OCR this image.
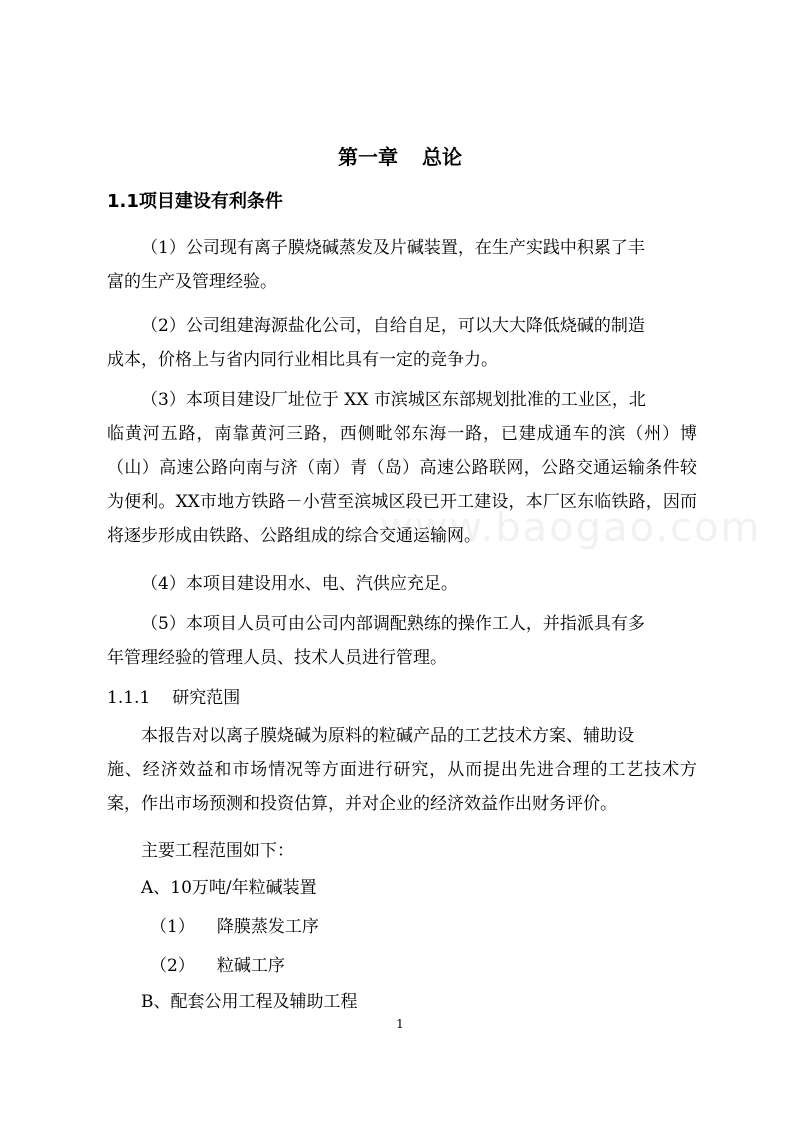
www.baogao.com
第一章 总论
1.1项目建设有利条件
（1）公司现有离子膜烧碱蒸发及片碱装置，在生产实践中积累了丰
富的生产及管理经验。
（2）公司组建海源盐化公司，自给自足，可以大大降低烧碱的制造
成本，价格上与省内同行业相比具有一定的竞争力。
（3）本项目建设厂址位于 XX 市滨城区东部规划批准的工业区，北
临黄河五路，南靠黄河三路，西侧毗邻东海一路，已建成通车的滨（州）博（山）高速公路向南与济（南）青（岛）高速公路联网，公路交通运输条件较为便利。XX市地方铁路－小营至滨城区段已开工建设，本厂区东临铁路，因而将逐步形成由铁路、公路组成的综合交通运输网。
（4）本项目建设用水、电、汽供应充足。
（5）本项目人员可由公司内部调配熟练的操作工人，并指派具有多
年管理经验的管理人员、技术人员进行管理。
1.1.1 研究范围
本报告对以离子膜烧碱为原料的粒碱产品的工艺技术方案、辅助设
施、经济效益和市场情况等方面进行研究，从而提出先进合理的工艺技术方案，作出市场预测和投资估算，并对企业的经济效益作出财务评价。
主要工程范围如下：
A、10万吨/年粒碱装置
（1） 降膜蒸发工序
（2） 粒碱工序
B、配套公用工程及辅助工程
1
